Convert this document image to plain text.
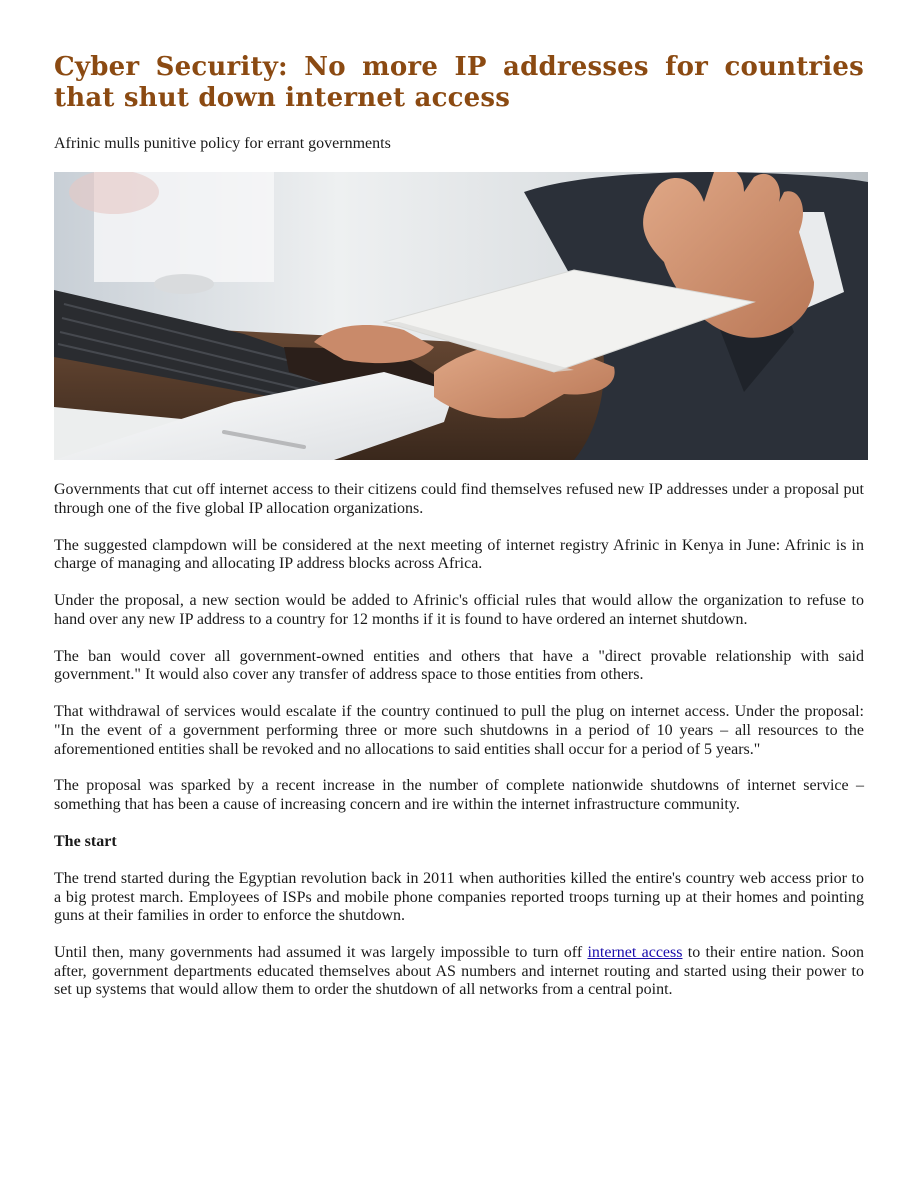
Cyber Security: No more IP addresses for countries that shut down internet access
Afrinic mulls punitive policy for errant governments

Governments that cut off internet access to their citizens could find themselves refused new IP addresses under a proposal put through one of the five global IP allocation organizations.

The suggested clampdown will be considered at the next meeting of internet registry Afrinic in Kenya in June: Afrinic is in charge of managing and allocating IP address blocks across Africa.

Under the proposal, a new section would be added to Afrinic's official rules that would allow the organization to refuse to hand over any new IP address to a country for 12 months if it is found to have ordered an internet shutdown.

The ban would cover all government-owned entities and others that have a "direct provable relationship with said government." It would also cover any transfer of address space to those entities from others.

That withdrawal of services would escalate if the country continued to pull the plug on internet access. Under the proposal: "In the event of a government performing three or more such shutdowns in a period of 10 years – all resources to the aforementioned entities shall be revoked and no allocations to said entities shall occur for a period of 5 years."

The proposal was sparked by a recent increase in the number of complete nationwide shutdowns of internet service – something that has been a cause of increasing concern and ire within the internet infrastructure community.

The start

The trend started during the Egyptian revolution back in 2011 when authorities killed the entire's country web access prior to a big protest march. Employees of ISPs and mobile phone companies reported troops turning up at their homes and pointing guns at their families in order to enforce the shutdown.

Until then, many governments had assumed it was largely impossible to turn off internet access to their entire nation. Soon after, government departments educated themselves about AS numbers and internet routing and started using their power to set up systems that would allow them to order the shutdown of all networks from a central point.
